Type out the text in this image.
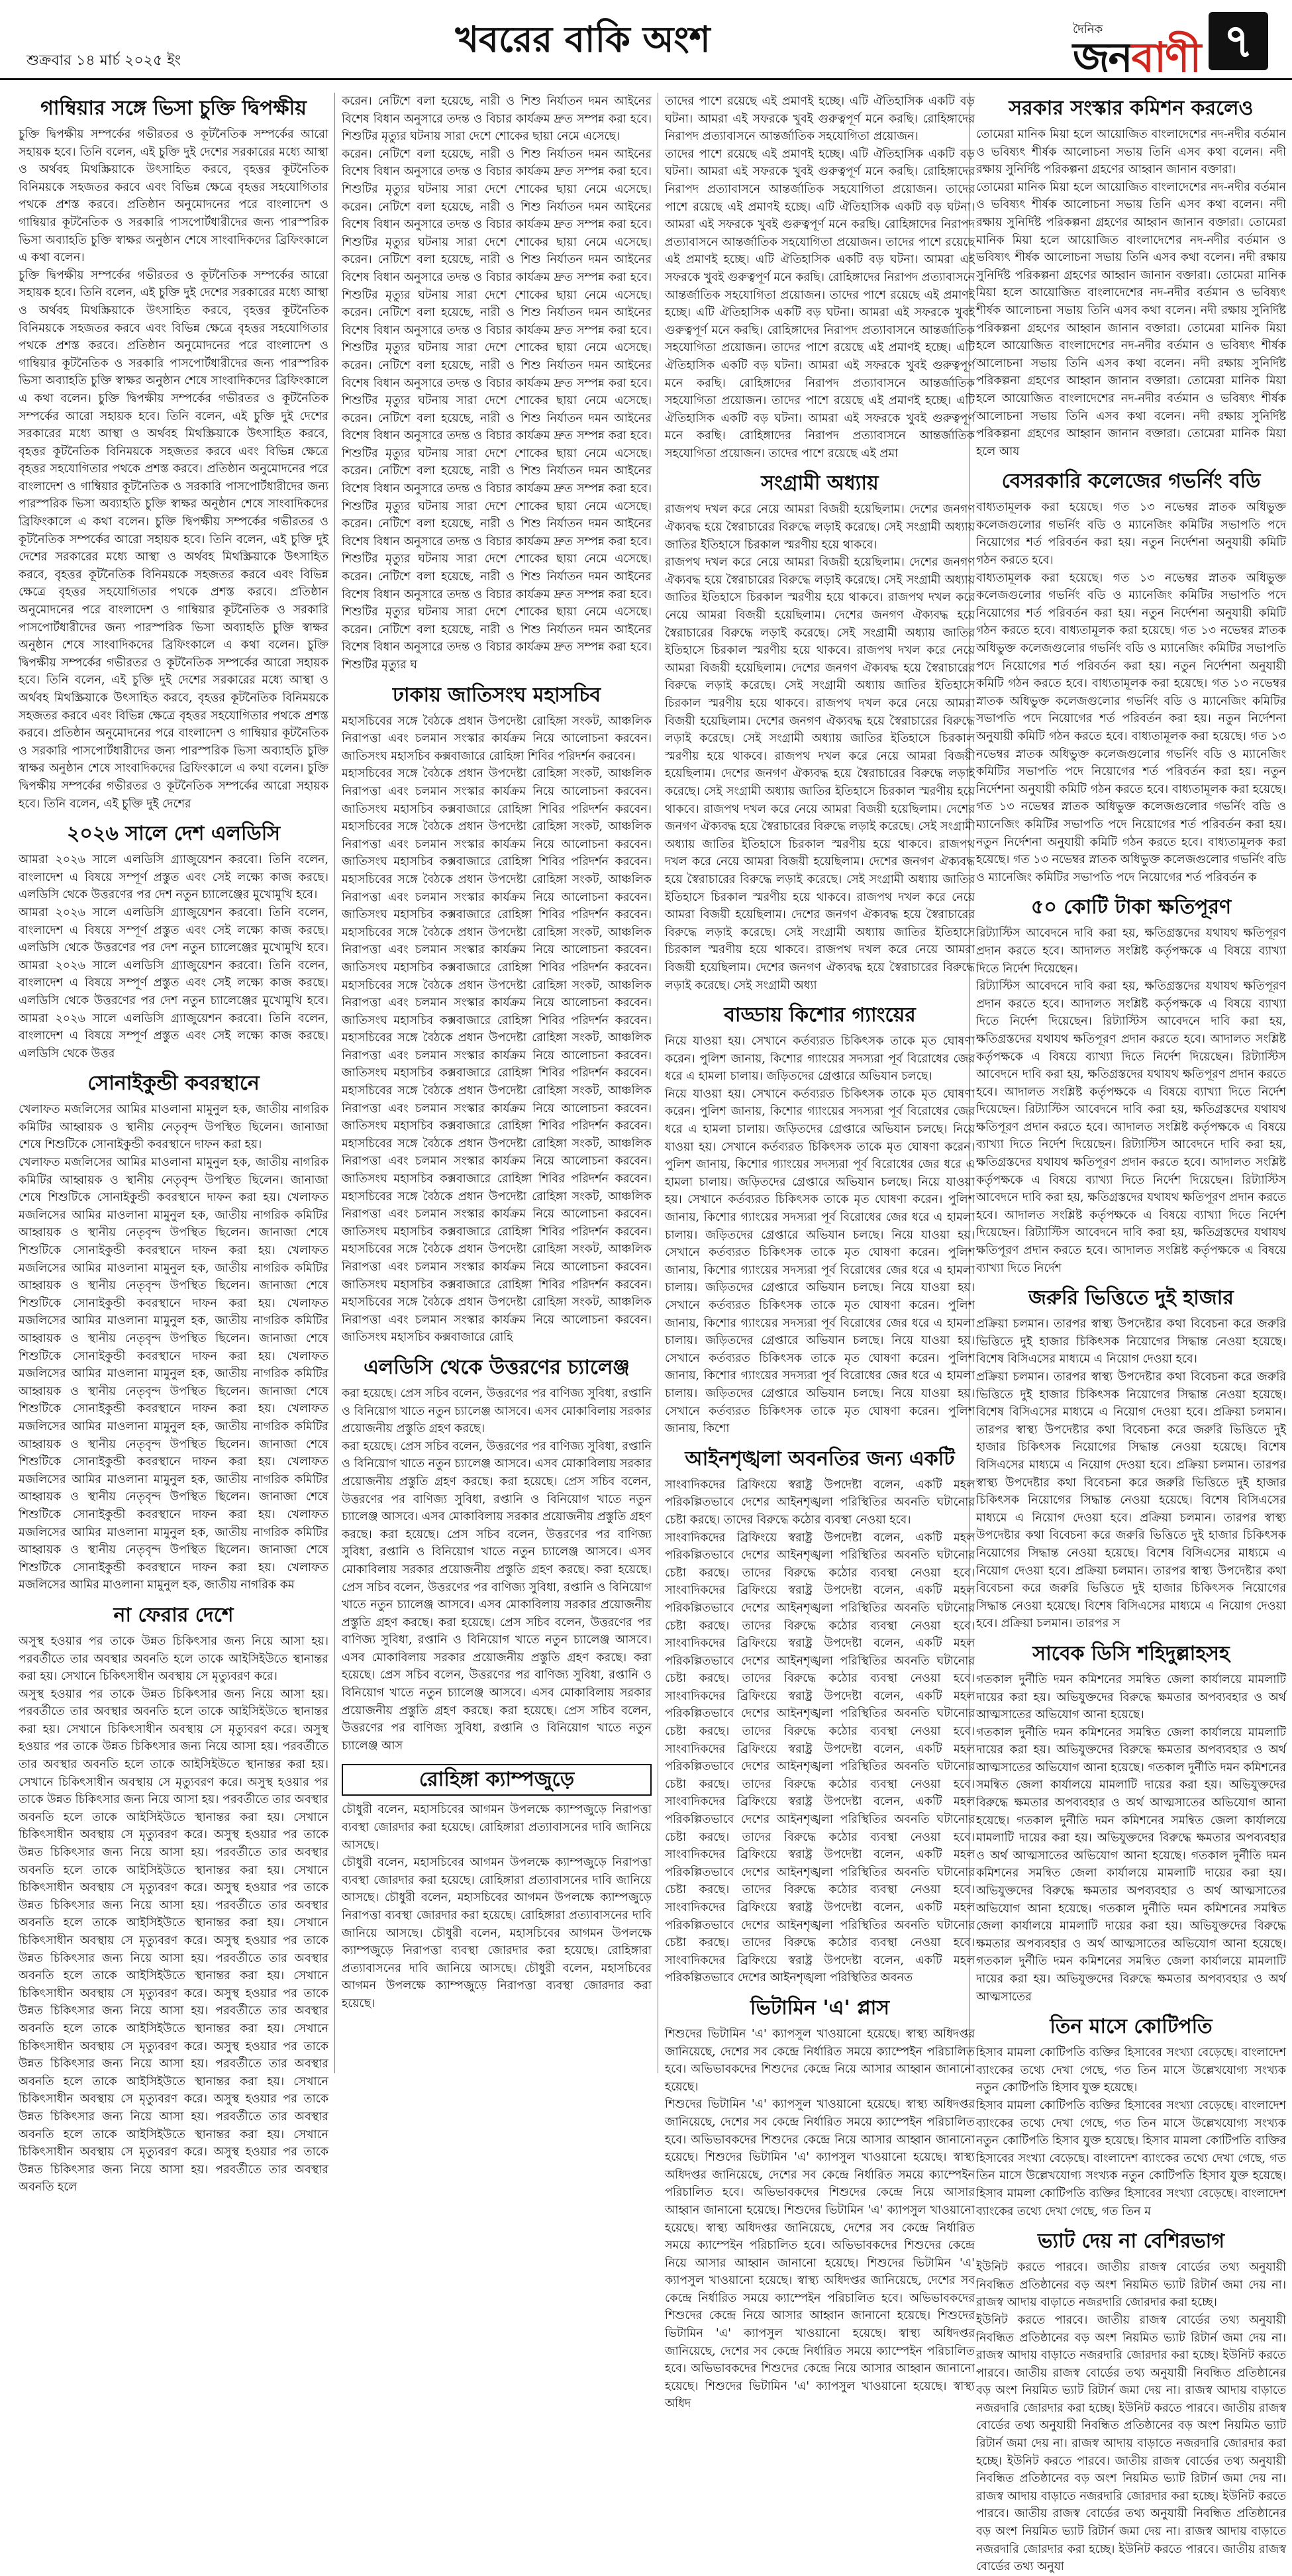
শুক্রবার ১৪ মার্চ ২০২৫ ইং
খবরের বাকি অংশ	দৈনিক
জনবাণী ৭
গাম্বিয়ার সঙ্গে ভিসা চুক্তি দ্বিপক্ষীয়
চুক্তি দ্বিপক্ষীয় সম্পর্কের গভীরতর ও কূটনৈতিক সম্পর্কের আরো সহায়ক হবে। তিনি বলেন, এই চুক্তি দুই দেশের সরকারের মধ্যে আস্থা ও অর্থবহ মিথস্ক্রিয়াকে উৎসাহিত করবে, বৃহত্তর কূটনৈতিক বিনিময়কে সহজতর করবে এবং বিভিন্ন ক্ষেত্রে বৃহত্তর সহযোগিতার পথকে প্রশস্ত করবে। প্রতিষ্ঠান অনুমোদনের পরে বাংলাদেশ ও গাম্বিয়ার কূটনৈতিক ও সরকারি পাসপোর্টধারীদের জন্য পারস্পরিক ভিসা অব্যাহতি চুক্তি স্বাক্ষর অনুষ্ঠান শেষে সাংবাদিকদের ব্রিফিংকালে এ কথা বলেন।
চুক্তি দ্বিপক্ষীয় সম্পর্কের গভীরতর ও কূটনৈতিক সম্পর্কের আরো সহায়ক হবে। তিনি বলেন, এই চুক্তি দুই দেশের সরকারের মধ্যে আস্থা ও অর্থবহ মিথস্ক্রিয়াকে উৎসাহিত করবে, বৃহত্তর কূটনৈতিক বিনিময়কে সহজতর করবে এবং বিভিন্ন ক্ষেত্রে বৃহত্তর সহযোগিতার পথকে প্রশস্ত করবে। প্রতিষ্ঠান অনুমোদনের পরে বাংলাদেশ ও গাম্বিয়ার কূটনৈতিক ও সরকারি পাসপোর্টধারীদের জন্য পারস্পরিক ভিসা অব্যাহতি চুক্তি স্বাক্ষর অনুষ্ঠান শেষে সাংবাদিকদের ব্রিফিংকালে এ কথা বলেন। চুক্তি দ্বিপক্ষীয় সম্পর্কের গভীরতর ও কূটনৈতিক সম্পর্কের আরো সহায়ক হবে। তিনি বলেন, এই চুক্তি দুই দেশের সরকারের মধ্যে আস্থা ও অর্থবহ মিথস্ক্রিয়াকে উৎসাহিত করবে, বৃহত্তর কূটনৈতিক বিনিময়কে সহজতর করবে এবং বিভিন্ন ক্ষেত্রে বৃহত্তর সহযোগিতার পথকে প্রশস্ত করবে। প্রতিষ্ঠান অনুমোদনের পরে বাংলাদেশ ও গাম্বিয়ার কূটনৈতিক ও সরকারি পাসপোর্টধারীদের জন্য পারস্পরিক ভিসা অব্যাহতি চুক্তি স্বাক্ষর অনুষ্ঠান শেষে সাংবাদিকদের ব্রিফিংকালে এ কথা বলেন। চুক্তি দ্বিপক্ষীয় সম্পর্কের গভীরতর ও কূটনৈতিক সম্পর্কের আরো সহায়ক হবে। তিনি বলেন, এই চুক্তি দুই দেশের সরকারের মধ্যে আস্থা ও অর্থবহ মিথস্ক্রিয়াকে উৎসাহিত করবে, বৃহত্তর কূটনৈতিক বিনিময়কে সহজতর করবে এবং বিভিন্ন ক্ষেত্রে বৃহত্তর সহযোগিতার পথকে প্রশস্ত করবে। প্রতিষ্ঠান অনুমোদনের পরে বাংলাদেশ ও গাম্বিয়ার কূটনৈতিক ও সরকারি পাসপোর্টধারীদের জন্য পারস্পরিক ভিসা অব্যাহতি চুক্তি স্বাক্ষর অনুষ্ঠান শেষে সাংবাদিকদের ব্রিফিংকালে এ কথা বলেন। চুক্তি দ্বিপক্ষীয় সম্পর্কের গভীরতর ও কূটনৈতিক সম্পর্কের আরো সহায়ক হবে। তিনি বলেন, এই চুক্তি দুই দেশের সরকারের মধ্যে আস্থা ও অর্থবহ মিথস্ক্রিয়াকে উৎসাহিত করবে, বৃহত্তর কূটনৈতিক বিনিময়কে সহজতর করবে এবং বিভিন্ন ক্ষেত্রে বৃহত্তর সহযোগিতার পথকে প্রশস্ত করবে। প্রতিষ্ঠান অনুমোদনের পরে বাংলাদেশ ও গাম্বিয়ার কূটনৈতিক ও সরকারি পাসপোর্টধারীদের জন্য পারস্পরিক ভিসা অব্যাহতি চুক্তি স্বাক্ষর অনুষ্ঠান শেষে সাংবাদিকদের ব্রিফিংকালে এ কথা বলেন। চুক্তি দ্বিপক্ষীয় সম্পর্কের গভীরতর ও কূটনৈতিক সম্পর্কের আরো সহায়ক হবে। তিনি বলেন, এই চুক্তি দুই দেশের
২০২৬ সালে দেশ এলডিসি
আমরা ২০২৬ সালে এলডিসি গ্র্যাজুয়েশন করবো। তিনি বলেন, বাংলাদেশ এ বিষয়ে সম্পূর্ণ প্রস্তুত এবং সেই লক্ষ্যে কাজ করছে। এলডিসি থেকে উত্তরণের পর দেশ নতুন চ্যালেঞ্জের মুখোমুখি হবে।
আমরা ২০২৬ সালে এলডিসি গ্র্যাজুয়েশন করবো। তিনি বলেন, বাংলাদেশ এ বিষয়ে সম্পূর্ণ প্রস্তুত এবং সেই লক্ষ্যে কাজ করছে। এলডিসি থেকে উত্তরণের পর দেশ নতুন চ্যালেঞ্জের মুখোমুখি হবে। আমরা ২০২৬ সালে এলডিসি গ্র্যাজুয়েশন করবো। তিনি বলেন, বাংলাদেশ এ বিষয়ে সম্পূর্ণ প্রস্তুত এবং সেই লক্ষ্যে কাজ করছে। এলডিসি থেকে উত্তরণের পর দেশ নতুন চ্যালেঞ্জের মুখোমুখি হবে। আমরা ২০২৬ সালে এলডিসি গ্র্যাজুয়েশন করবো। তিনি বলেন, বাংলাদেশ এ বিষয়ে সম্পূর্ণ প্রস্তুত এবং সেই লক্ষ্যে কাজ করছে। এলডিসি থেকে উত্তর
সোনাইকুন্ডী কবরস্থানে
খেলাফত মজলিসের আমির মাওলানা মামুনুল হক, জাতীয় নাগরিক কমিটির আহ্বায়ক ও স্থানীয় নেতৃবৃন্দ উপস্থিত ছিলেন। জানাজা শেষে শিশুটিকে সোনাইকুন্ডী কবরস্থানে দাফন করা হয়।
খেলাফত মজলিসের আমির মাওলানা মামুনুল হক, জাতীয় নাগরিক কমিটির আহ্বায়ক ও স্থানীয় নেতৃবৃন্দ উপস্থিত ছিলেন। জানাজা শেষে শিশুটিকে সোনাইকুন্ডী কবরস্থানে দাফন করা হয়। খেলাফত মজলিসের আমির মাওলানা মামুনুল হক, জাতীয় নাগরিক কমিটির আহ্বায়ক ও স্থানীয় নেতৃবৃন্দ উপস্থিত ছিলেন। জানাজা শেষে শিশুটিকে সোনাইকুন্ডী কবরস্থানে দাফন করা হয়। খেলাফত মজলিসের আমির মাওলানা মামুনুল হক, জাতীয় নাগরিক কমিটির আহ্বায়ক ও স্থানীয় নেতৃবৃন্দ উপস্থিত ছিলেন। জানাজা শেষে শিশুটিকে সোনাইকুন্ডী কবরস্থানে দাফন করা হয়। খেলাফত মজলিসের আমির মাওলানা মামুনুল হক, জাতীয় নাগরিক কমিটির আহ্বায়ক ও স্থানীয় নেতৃবৃন্দ উপস্থিত ছিলেন। জানাজা শেষে শিশুটিকে সোনাইকুন্ডী কবরস্থানে দাফন করা হয়। খেলাফত মজলিসের আমির মাওলানা মামুনুল হক, জাতীয় নাগরিক কমিটির আহ্বায়ক ও স্থানীয় নেতৃবৃন্দ উপস্থিত ছিলেন। জানাজা শেষে শিশুটিকে সোনাইকুন্ডী কবরস্থানে দাফন করা হয়। খেলাফত মজলিসের আমির মাওলানা মামুনুল হক, জাতীয় নাগরিক কমিটির আহ্বায়ক ও স্থানীয় নেতৃবৃন্দ উপস্থিত ছিলেন। জানাজা শেষে শিশুটিকে সোনাইকুন্ডী কবরস্থানে দাফন করা হয়। খেলাফত মজলিসের আমির মাওলানা মামুনুল হক, জাতীয় নাগরিক কমিটির আহ্বায়ক ও স্থানীয় নেতৃবৃন্দ উপস্থিত ছিলেন। জানাজা শেষে শিশুটিকে সোনাইকুন্ডী কবরস্থানে দাফন করা হয়। খেলাফত মজলিসের আমির মাওলানা মামুনুল হক, জাতীয় নাগরিক কমিটির আহ্বায়ক ও স্থানীয় নেতৃবৃন্দ উপস্থিত ছিলেন। জানাজা শেষে শিশুটিকে সোনাইকুন্ডী কবরস্থানে দাফন করা হয়। খেলাফত মজলিসের আমির মাওলানা মামুনুল হক, জাতীয় নাগরিক কম
না ফেরার দেশে
অসুস্থ হওয়ার পর তাকে উন্নত চিকিৎসার জন্য নিয়ে আসা হয়। পরবর্তীতে তার অবস্থার অবনতি হলে তাকে আইসিইউতে স্থানান্তর করা হয়। সেখানে চিকিৎসাধীন অবস্থায় সে মৃত্যুবরণ করে।
অসুস্থ হওয়ার পর তাকে উন্নত চিকিৎসার জন্য নিয়ে আসা হয়। পরবর্তীতে তার অবস্থার অবনতি হলে তাকে আইসিইউতে স্থানান্তর করা হয়। সেখানে চিকিৎসাধীন অবস্থায় সে মৃত্যুবরণ করে। অসুস্থ হওয়ার পর তাকে উন্নত চিকিৎসার জন্য নিয়ে আসা হয়। পরবর্তীতে তার অবস্থার অবনতি হলে তাকে আইসিইউতে স্থানান্তর করা হয়। সেখানে চিকিৎসাধীন অবস্থায় সে মৃত্যুবরণ করে। অসুস্থ হওয়ার পর তাকে উন্নত চিকিৎসার জন্য নিয়ে আসা হয়। পরবর্তীতে তার অবস্থার অবনতি হলে তাকে আইসিইউতে স্থানান্তর করা হয়। সেখানে চিকিৎসাধীন অবস্থায় সে মৃত্যুবরণ করে। অসুস্থ হওয়ার পর তাকে উন্নত চিকিৎসার জন্য নিয়ে আসা হয়। পরবর্তীতে তার অবস্থার অবনতি হলে তাকে আইসিইউতে স্থানান্তর করা হয়। সেখানে চিকিৎসাধীন অবস্থায় সে মৃত্যুবরণ করে। অসুস্থ হওয়ার পর তাকে উন্নত চিকিৎসার জন্য নিয়ে আসা হয়। পরবর্তীতে তার অবস্থার অবনতি হলে তাকে আইসিইউতে স্থানান্তর করা হয়। সেখানে চিকিৎসাধীন অবস্থায় সে মৃত্যুবরণ করে। অসুস্থ হওয়ার পর তাকে উন্নত চিকিৎসার জন্য নিয়ে আসা হয়। পরবর্তীতে তার অবস্থার অবনতি হলে তাকে আইসিইউতে স্থানান্তর করা হয়। সেখানে চিকিৎসাধীন অবস্থায় সে মৃত্যুবরণ করে। অসুস্থ হওয়ার পর তাকে উন্নত চিকিৎসার জন্য নিয়ে আসা হয়। পরবর্তীতে তার অবস্থার অবনতি হলে তাকে আইসিইউতে স্থানান্তর করা হয়। সেখানে চিকিৎসাধীন অবস্থায় সে মৃত্যুবরণ করে। অসুস্থ হওয়ার পর তাকে উন্নত চিকিৎসার জন্য নিয়ে আসা হয়। পরবর্তীতে তার অবস্থার অবনতি হলে তাকে আইসিইউতে স্থানান্তর করা হয়। সেখানে চিকিৎসাধীন অবস্থায় সে মৃত্যুবরণ করে। অসুস্থ হওয়ার পর তাকে উন্নত চিকিৎসার জন্য নিয়ে আসা হয়। পরবর্তীতে তার অবস্থার অবনতি হলে তাকে আইসিইউতে স্থানান্তর করা হয়। সেখানে চিকিৎসাধীন অবস্থায় সে মৃত্যুবরণ করে। অসুস্থ হওয়ার পর তাকে উন্নত চিকিৎসার জন্য নিয়ে আসা হয়। পরবর্তীতে তার অবস্থার অবনতি হলে
করেন। নেটিশে বলা হয়েছে, নারী ও শিশু নির্যাতন দমন আইনের বিশেষ বিধান অনুসারে তদন্ত ও বিচার কার্যক্রম দ্রুত সম্পন্ন করা হবে। শিশুটির মৃত্যুর ঘটনায় সারা দেশে শোকের ছায়া নেমে এসেছে।
করেন। নেটিশে বলা হয়েছে, নারী ও শিশু নির্যাতন দমন আইনের বিশেষ বিধান অনুসারে তদন্ত ও বিচার কার্যক্রম দ্রুত সম্পন্ন করা হবে। শিশুটির মৃত্যুর ঘটনায় সারা দেশে শোকের ছায়া নেমে এসেছে। করেন। নেটিশে বলা হয়েছে, নারী ও শিশু নির্যাতন দমন আইনের বিশেষ বিধান অনুসারে তদন্ত ও বিচার কার্যক্রম দ্রুত সম্পন্ন করা হবে। শিশুটির মৃত্যুর ঘটনায় সারা দেশে শোকের ছায়া নেমে এসেছে। করেন। নেটিশে বলা হয়েছে, নারী ও শিশু নির্যাতন দমন আইনের বিশেষ বিধান অনুসারে তদন্ত ও বিচার কার্যক্রম দ্রুত সম্পন্ন করা হবে। শিশুটির মৃত্যুর ঘটনায় সারা দেশে শোকের ছায়া নেমে এসেছে। করেন। নেটিশে বলা হয়েছে, নারী ও শিশু নির্যাতন দমন আইনের বিশেষ বিধান অনুসারে তদন্ত ও বিচার কার্যক্রম দ্রুত সম্পন্ন করা হবে। শিশুটির মৃত্যুর ঘটনায় সারা দেশে শোকের ছায়া নেমে এসেছে। করেন। নেটিশে বলা হয়েছে, নারী ও শিশু নির্যাতন দমন আইনের বিশেষ বিধান অনুসারে তদন্ত ও বিচার কার্যক্রম দ্রুত সম্পন্ন করা হবে। শিশুটির মৃত্যুর ঘটনায় সারা দেশে শোকের ছায়া নেমে এসেছে। করেন। নেটিশে বলা হয়েছে, নারী ও শিশু নির্যাতন দমন আইনের বিশেষ বিধান অনুসারে তদন্ত ও বিচার কার্যক্রম দ্রুত সম্পন্ন করা হবে। শিশুটির মৃত্যুর ঘটনায় সারা দেশে শোকের ছায়া নেমে এসেছে। করেন। নেটিশে বলা হয়েছে, নারী ও শিশু নির্যাতন দমন আইনের বিশেষ বিধান অনুসারে তদন্ত ও বিচার কার্যক্রম দ্রুত সম্পন্ন করা হবে। শিশুটির মৃত্যুর ঘটনায় সারা দেশে শোকের ছায়া নেমে এসেছে। করেন। নেটিশে বলা হয়েছে, নারী ও শিশু নির্যাতন দমন আইনের বিশেষ বিধান অনুসারে তদন্ত ও বিচার কার্যক্রম দ্রুত সম্পন্ন করা হবে। শিশুটির মৃত্যুর ঘটনায় সারা দেশে শোকের ছায়া নেমে এসেছে। করেন। নেটিশে বলা হয়েছে, নারী ও শিশু নির্যাতন দমন আইনের বিশেষ বিধান অনুসারে তদন্ত ও বিচার কার্যক্রম দ্রুত সম্পন্ন করা হবে। শিশুটির মৃত্যুর ঘটনায় সারা দেশে শোকের ছায়া নেমে এসেছে। করেন। নেটিশে বলা হয়েছে, নারী ও শিশু নির্যাতন দমন আইনের বিশেষ বিধান অনুসারে তদন্ত ও বিচার কার্যক্রম দ্রুত সম্পন্ন করা হবে। শিশুটির মৃত্যুর ঘ
ঢাকায় জাতিসংঘ মহাসচিব
মহাসচিবের সঙ্গে বৈঠকে প্রধান উপদেষ্টা রোহিঙ্গা সংকট, আঞ্চলিক নিরাপত্তা এবং চলমান সংস্কার কার্যক্রম নিয়ে আলোচনা করবেন। জাতিসংঘ মহাসচিব কক্সবাজারে রোহিঙ্গা শিবির পরিদর্শন করবেন।
মহাসচিবের সঙ্গে বৈঠকে প্রধান উপদেষ্টা রোহিঙ্গা সংকট, আঞ্চলিক নিরাপত্তা এবং চলমান সংস্কার কার্যক্রম নিয়ে আলোচনা করবেন। জাতিসংঘ মহাসচিব কক্সবাজারে রোহিঙ্গা শিবির পরিদর্শন করবেন। মহাসচিবের সঙ্গে বৈঠকে প্রধান উপদেষ্টা রোহিঙ্গা সংকট, আঞ্চলিক নিরাপত্তা এবং চলমান সংস্কার কার্যক্রম নিয়ে আলোচনা করবেন। জাতিসংঘ মহাসচিব কক্সবাজারে রোহিঙ্গা শিবির পরিদর্শন করবেন। মহাসচিবের সঙ্গে বৈঠকে প্রধান উপদেষ্টা রোহিঙ্গা সংকট, আঞ্চলিক নিরাপত্তা এবং চলমান সংস্কার কার্যক্রম নিয়ে আলোচনা করবেন। জাতিসংঘ মহাসচিব কক্সবাজারে রোহিঙ্গা শিবির পরিদর্শন করবেন। মহাসচিবের সঙ্গে বৈঠকে প্রধান উপদেষ্টা রোহিঙ্গা সংকট, আঞ্চলিক নিরাপত্তা এবং চলমান সংস্কার কার্যক্রম নিয়ে আলোচনা করবেন। জাতিসংঘ মহাসচিব কক্সবাজারে রোহিঙ্গা শিবির পরিদর্শন করবেন। মহাসচিবের সঙ্গে বৈঠকে প্রধান উপদেষ্টা রোহিঙ্গা সংকট, আঞ্চলিক নিরাপত্তা এবং চলমান সংস্কার কার্যক্রম নিয়ে আলোচনা করবেন। জাতিসংঘ মহাসচিব কক্সবাজারে রোহিঙ্গা শিবির পরিদর্শন করবেন। মহাসচিবের সঙ্গে বৈঠকে প্রধান উপদেষ্টা রোহিঙ্গা সংকট, আঞ্চলিক নিরাপত্তা এবং চলমান সংস্কার কার্যক্রম নিয়ে আলোচনা করবেন। জাতিসংঘ মহাসচিব কক্সবাজারে রোহিঙ্গা শিবির পরিদর্শন করবেন। মহাসচিবের সঙ্গে বৈঠকে প্রধান উপদেষ্টা রোহিঙ্গা সংকট, আঞ্চলিক নিরাপত্তা এবং চলমান সংস্কার কার্যক্রম নিয়ে আলোচনা করবেন। জাতিসংঘ মহাসচিব কক্সবাজারে রোহিঙ্গা শিবির পরিদর্শন করবেন। মহাসচিবের সঙ্গে বৈঠকে প্রধান উপদেষ্টা রোহিঙ্গা সংকট, আঞ্চলিক নিরাপত্তা এবং চলমান সংস্কার কার্যক্রম নিয়ে আলোচনা করবেন। জাতিসংঘ মহাসচিব কক্সবাজারে রোহিঙ্গা শিবির পরিদর্শন করবেন। মহাসচিবের সঙ্গে বৈঠকে প্রধান উপদেষ্টা রোহিঙ্গা সংকট, আঞ্চলিক নিরাপত্তা এবং চলমান সংস্কার কার্যক্রম নিয়ে আলোচনা করবেন। জাতিসংঘ মহাসচিব কক্সবাজারে রোহিঙ্গা শিবির পরিদর্শন করবেন। মহাসচিবের সঙ্গে বৈঠকে প্রধান উপদেষ্টা রোহিঙ্গা সংকট, আঞ্চলিক নিরাপত্তা এবং চলমান সংস্কার কার্যক্রম নিয়ে আলোচনা করবেন। জাতিসংঘ মহাসচিব কক্সবাজারে রোহিঙ্গা শিবির পরিদর্শন করবেন। মহাসচিবের সঙ্গে বৈঠকে প্রধান উপদেষ্টা রোহিঙ্গা সংকট, আঞ্চলিক নিরাপত্তা এবং চলমান সংস্কার কার্যক্রম নিয়ে আলোচনা করবেন। জাতিসংঘ মহাসচিব কক্সবাজারে রোহি
এলডিসি থেকে উত্তরণের চ্যালেঞ্জ
করা হয়েছে। প্রেস সচিব বলেন, উত্তরণের পর বাণিজ্য সুবিধা, রপ্তানি ও বিনিয়োগ খাতে নতুন চ্যালেঞ্জ আসবে। এসব মোকাবিলায় সরকার প্রয়োজনীয় প্রস্তুতি গ্রহণ করছে।
করা হয়েছে। প্রেস সচিব বলেন, উত্তরণের পর বাণিজ্য সুবিধা, রপ্তানি ও বিনিয়োগ খাতে নতুন চ্যালেঞ্জ আসবে। এসব মোকাবিলায় সরকার প্রয়োজনীয় প্রস্তুতি গ্রহণ করছে। করা হয়েছে। প্রেস সচিব বলেন, উত্তরণের পর বাণিজ্য সুবিধা, রপ্তানি ও বিনিয়োগ খাতে নতুন চ্যালেঞ্জ আসবে। এসব মোকাবিলায় সরকার প্রয়োজনীয় প্রস্তুতি গ্রহণ করছে। করা হয়েছে। প্রেস সচিব বলেন, উত্তরণের পর বাণিজ্য সুবিধা, রপ্তানি ও বিনিয়োগ খাতে নতুন চ্যালেঞ্জ আসবে। এসব মোকাবিলায় সরকার প্রয়োজনীয় প্রস্তুতি গ্রহণ করছে। করা হয়েছে। প্রেস সচিব বলেন, উত্তরণের পর বাণিজ্য সুবিধা, রপ্তানি ও বিনিয়োগ খাতে নতুন চ্যালেঞ্জ আসবে। এসব মোকাবিলায় সরকার প্রয়োজনীয় প্রস্তুতি গ্রহণ করছে। করা হয়েছে। প্রেস সচিব বলেন, উত্তরণের পর বাণিজ্য সুবিধা, রপ্তানি ও বিনিয়োগ খাতে নতুন চ্যালেঞ্জ আসবে। এসব মোকাবিলায় সরকার প্রয়োজনীয় প্রস্তুতি গ্রহণ করছে। করা হয়েছে। প্রেস সচিব বলেন, উত্তরণের পর বাণিজ্য সুবিধা, রপ্তানি ও বিনিয়োগ খাতে নতুন চ্যালেঞ্জ আসবে। এসব মোকাবিলায় সরকার প্রয়োজনীয় প্রস্তুতি গ্রহণ করছে। করা হয়েছে। প্রেস সচিব বলেন, উত্তরণের পর বাণিজ্য সুবিধা, রপ্তানি ও বিনিয়োগ খাতে নতুন চ্যালেঞ্জ আস
রোহিঙ্গা ক্যাম্পজুড়ে
চৌধুরী বলেন, মহাসচিবের আগমন উপলক্ষে ক্যাম্পজুড়ে নিরাপত্তা ব্যবস্থা জোরদার করা হয়েছে। রোহিঙ্গারা প্রত্যাবাসনের দাবি জানিয়ে আসছে।
চৌধুরী বলেন, মহাসচিবের আগমন উপলক্ষে ক্যাম্পজুড়ে নিরাপত্তা ব্যবস্থা জোরদার করা হয়েছে। রোহিঙ্গারা প্রত্যাবাসনের দাবি জানিয়ে আসছে। চৌধুরী বলেন, মহাসচিবের আগমন উপলক্ষে ক্যাম্পজুড়ে নিরাপত্তা ব্যবস্থা জোরদার করা হয়েছে। রোহিঙ্গারা প্রত্যাবাসনের দাবি জানিয়ে আসছে। চৌধুরী বলেন, মহাসচিবের আগমন উপলক্ষে ক্যাম্পজুড়ে নিরাপত্তা ব্যবস্থা জোরদার করা হয়েছে। রোহিঙ্গারা প্রত্যাবাসনের দাবি জানিয়ে আসছে। চৌধুরী বলেন, মহাসচিবের আগমন উপলক্ষে ক্যাম্পজুড়ে নিরাপত্তা ব্যবস্থা জোরদার করা হয়েছে।
তাদের পাশে রয়েছে এই প্রমাণই হচ্ছে। এটি ঐতিহাসিক একটি বড় ঘটনা। আমরা এই সফরকে খুবই গুরুত্বপূর্ণ মনে করছি। রোহিঙ্গাদের নিরাপদ প্রত্যাবাসনে আন্তর্জাতিক সহযোগিতা প্রয়োজন।
তাদের পাশে রয়েছে এই প্রমাণই হচ্ছে। এটি ঐতিহাসিক একটি বড় ঘটনা। আমরা এই সফরকে খুবই গুরুত্বপূর্ণ মনে করছি। রোহিঙ্গাদের নিরাপদ প্রত্যাবাসনে আন্তর্জাতিক সহযোগিতা প্রয়োজন। তাদের পাশে রয়েছে এই প্রমাণই হচ্ছে। এটি ঐতিহাসিক একটি বড় ঘটনা। আমরা এই সফরকে খুবই গুরুত্বপূর্ণ মনে করছি। রোহিঙ্গাদের নিরাপদ প্রত্যাবাসনে আন্তর্জাতিক সহযোগিতা প্রয়োজন। তাদের পাশে রয়েছে এই প্রমাণই হচ্ছে। এটি ঐতিহাসিক একটি বড় ঘটনা। আমরা এই সফরকে খুবই গুরুত্বপূর্ণ মনে করছি। রোহিঙ্গাদের নিরাপদ প্রত্যাবাসনে আন্তর্জাতিক সহযোগিতা প্রয়োজন। তাদের পাশে রয়েছে এই প্রমাণই হচ্ছে। এটি ঐতিহাসিক একটি বড় ঘটনা। আমরা এই সফরকে খুবই গুরুত্বপূর্ণ মনে করছি। রোহিঙ্গাদের নিরাপদ প্রত্যাবাসনে আন্তর্জাতিক সহযোগিতা প্রয়োজন। তাদের পাশে রয়েছে এই প্রমাণই হচ্ছে। এটি ঐতিহাসিক একটি বড় ঘটনা। আমরা এই সফরকে খুবই গুরুত্বপূর্ণ মনে করছি। রোহিঙ্গাদের নিরাপদ প্রত্যাবাসনে আন্তর্জাতিক সহযোগিতা প্রয়োজন। তাদের পাশে রয়েছে এই প্রমাণই হচ্ছে। এটি ঐতিহাসিক একটি বড় ঘটনা। আমরা এই সফরকে খুবই গুরুত্বপূর্ণ মনে করছি। রোহিঙ্গাদের নিরাপদ প্রত্যাবাসনে আন্তর্জাতিক সহযোগিতা প্রয়োজন। তাদের পাশে রয়েছে এই প্রমা
সংগ্রামী অধ্যায়
রাজপথ দখল করে নেয়ে আমরা বিজয়ী হয়েছিলাম। দেশের জনগণ ঐক্যবদ্ধ হয়ে স্বৈরাচারের বিরুদ্ধে লড়াই করেছে। সেই সংগ্রামী অধ্যায় জাতির ইতিহাসে চিরকাল স্মরণীয় হয়ে থাকবে।
রাজপথ দখল করে নেয়ে আমরা বিজয়ী হয়েছিলাম। দেশের জনগণ ঐক্যবদ্ধ হয়ে স্বৈরাচারের বিরুদ্ধে লড়াই করেছে। সেই সংগ্রামী অধ্যায় জাতির ইতিহাসে চিরকাল স্মরণীয় হয়ে থাকবে। রাজপথ দখল করে নেয়ে আমরা বিজয়ী হয়েছিলাম। দেশের জনগণ ঐক্যবদ্ধ হয়ে স্বৈরাচারের বিরুদ্ধে লড়াই করেছে। সেই সংগ্রামী অধ্যায় জাতির ইতিহাসে চিরকাল স্মরণীয় হয়ে থাকবে। রাজপথ দখল করে নেয়ে আমরা বিজয়ী হয়েছিলাম। দেশের জনগণ ঐক্যবদ্ধ হয়ে স্বৈরাচারের বিরুদ্ধে লড়াই করেছে। সেই সংগ্রামী অধ্যায় জাতির ইতিহাসে চিরকাল স্মরণীয় হয়ে থাকবে। রাজপথ দখল করে নেয়ে আমরা বিজয়ী হয়েছিলাম। দেশের জনগণ ঐক্যবদ্ধ হয়ে স্বৈরাচারের বিরুদ্ধে লড়াই করেছে। সেই সংগ্রামী অধ্যায় জাতির ইতিহাসে চিরকাল স্মরণীয় হয়ে থাকবে। রাজপথ দখল করে নেয়ে আমরা বিজয়ী হয়েছিলাম। দেশের জনগণ ঐক্যবদ্ধ হয়ে স্বৈরাচারের বিরুদ্ধে লড়াই করেছে। সেই সংগ্রামী অধ্যায় জাতির ইতিহাসে চিরকাল স্মরণীয় হয়ে থাকবে। রাজপথ দখল করে নেয়ে আমরা বিজয়ী হয়েছিলাম। দেশের জনগণ ঐক্যবদ্ধ হয়ে স্বৈরাচারের বিরুদ্ধে লড়াই করেছে। সেই সংগ্রামী অধ্যায় জাতির ইতিহাসে চিরকাল স্মরণীয় হয়ে থাকবে। রাজপথ দখল করে নেয়ে আমরা বিজয়ী হয়েছিলাম। দেশের জনগণ ঐক্যবদ্ধ হয়ে স্বৈরাচারের বিরুদ্ধে লড়াই করেছে। সেই সংগ্রামী অধ্যায় জাতির ইতিহাসে চিরকাল স্মরণীয় হয়ে থাকবে। রাজপথ দখল করে নেয়ে আমরা বিজয়ী হয়েছিলাম। দেশের জনগণ ঐক্যবদ্ধ হয়ে স্বৈরাচারের বিরুদ্ধে লড়াই করেছে। সেই সংগ্রামী অধ্যায় জাতির ইতিহাসে চিরকাল স্মরণীয় হয়ে থাকবে। রাজপথ দখল করে নেয়ে আমরা বিজয়ী হয়েছিলাম। দেশের জনগণ ঐক্যবদ্ধ হয়ে স্বৈরাচারের বিরুদ্ধে লড়াই করেছে। সেই সংগ্রামী অধ্যা
বাড্ডায় কিশোর গ্যাংয়ের
নিয়ে যাওয়া হয়। সেখানে কর্তব্যরত চিকিৎসক তাকে মৃত ঘোষণা করেন। পুলিশ জানায়, কিশোর গ্যাংয়ের সদস্যরা পূর্ব বিরোধের জের ধরে এ হামলা চালায়। জড়িতদের গ্রেপ্তারে অভিযান চলছে।
নিয়ে যাওয়া হয়। সেখানে কর্তব্যরত চিকিৎসক তাকে মৃত ঘোষণা করেন। পুলিশ জানায়, কিশোর গ্যাংয়ের সদস্যরা পূর্ব বিরোধের জের ধরে এ হামলা চালায়। জড়িতদের গ্রেপ্তারে অভিযান চলছে। নিয়ে যাওয়া হয়। সেখানে কর্তব্যরত চিকিৎসক তাকে মৃত ঘোষণা করেন। পুলিশ জানায়, কিশোর গ্যাংয়ের সদস্যরা পূর্ব বিরোধের জের ধরে এ হামলা চালায়। জড়িতদের গ্রেপ্তারে অভিযান চলছে। নিয়ে যাওয়া হয়। সেখানে কর্তব্যরত চিকিৎসক তাকে মৃত ঘোষণা করেন। পুলিশ জানায়, কিশোর গ্যাংয়ের সদস্যরা পূর্ব বিরোধের জের ধরে এ হামলা চালায়। জড়িতদের গ্রেপ্তারে অভিযান চলছে। নিয়ে যাওয়া হয়। সেখানে কর্তব্যরত চিকিৎসক তাকে মৃত ঘোষণা করেন। পুলিশ জানায়, কিশোর গ্যাংয়ের সদস্যরা পূর্ব বিরোধের জের ধরে এ হামলা চালায়। জড়িতদের গ্রেপ্তারে অভিযান চলছে। নিয়ে যাওয়া হয়। সেখানে কর্তব্যরত চিকিৎসক তাকে মৃত ঘোষণা করেন। পুলিশ জানায়, কিশোর গ্যাংয়ের সদস্যরা পূর্ব বিরোধের জের ধরে এ হামলা চালায়। জড়িতদের গ্রেপ্তারে অভিযান চলছে। নিয়ে যাওয়া হয়। সেখানে কর্তব্যরত চিকিৎসক তাকে মৃত ঘোষণা করেন। পুলিশ জানায়, কিশোর গ্যাংয়ের সদস্যরা পূর্ব বিরোধের জের ধরে এ হামলা চালায়। জড়িতদের গ্রেপ্তারে অভিযান চলছে। নিয়ে যাওয়া হয়। সেখানে কর্তব্যরত চিকিৎসক তাকে মৃত ঘোষণা করেন। পুলিশ জানায়, কিশো
আইনশৃঙ্খলা অবনতির জন্য একটি
সাংবাদিকদের ব্রিফিংয়ে স্বরাষ্ট্র উপদেষ্টা বলেন, একটি মহল পরিকল্পিতভাবে দেশের আইনশৃঙ্খলা পরিস্থিতির অবনতি ঘটানোর চেষ্টা করছে। তাদের বিরুদ্ধে কঠোর ব্যবস্থা নেওয়া হবে।
সাংবাদিকদের ব্রিফিংয়ে স্বরাষ্ট্র উপদেষ্টা বলেন, একটি মহল পরিকল্পিতভাবে দেশের আইনশৃঙ্খলা পরিস্থিতির অবনতি ঘটানোর চেষ্টা করছে। তাদের বিরুদ্ধে কঠোর ব্যবস্থা নেওয়া হবে। সাংবাদিকদের ব্রিফিংয়ে স্বরাষ্ট্র উপদেষ্টা বলেন, একটি মহল পরিকল্পিতভাবে দেশের আইনশৃঙ্খলা পরিস্থিতির অবনতি ঘটানোর চেষ্টা করছে। তাদের বিরুদ্ধে কঠোর ব্যবস্থা নেওয়া হবে। সাংবাদিকদের ব্রিফিংয়ে স্বরাষ্ট্র উপদেষ্টা বলেন, একটি মহল পরিকল্পিতভাবে দেশের আইনশৃঙ্খলা পরিস্থিতির অবনতি ঘটানোর চেষ্টা করছে। তাদের বিরুদ্ধে কঠোর ব্যবস্থা নেওয়া হবে। সাংবাদিকদের ব্রিফিংয়ে স্বরাষ্ট্র উপদেষ্টা বলেন, একটি মহল পরিকল্পিতভাবে দেশের আইনশৃঙ্খলা পরিস্থিতির অবনতি ঘটানোর চেষ্টা করছে। তাদের বিরুদ্ধে কঠোর ব্যবস্থা নেওয়া হবে। সাংবাদিকদের ব্রিফিংয়ে স্বরাষ্ট্র উপদেষ্টা বলেন, একটি মহল পরিকল্পিতভাবে দেশের আইনশৃঙ্খলা পরিস্থিতির অবনতি ঘটানোর চেষ্টা করছে। তাদের বিরুদ্ধে কঠোর ব্যবস্থা নেওয়া হবে। সাংবাদিকদের ব্রিফিংয়ে স্বরাষ্ট্র উপদেষ্টা বলেন, একটি মহল পরিকল্পিতভাবে দেশের আইনশৃঙ্খলা পরিস্থিতির অবনতি ঘটানোর চেষ্টা করছে। তাদের বিরুদ্ধে কঠোর ব্যবস্থা নেওয়া হবে। সাংবাদিকদের ব্রিফিংয়ে স্বরাষ্ট্র উপদেষ্টা বলেন, একটি মহল পরিকল্পিতভাবে দেশের আইনশৃঙ্খলা পরিস্থিতির অবনতি ঘটানোর চেষ্টা করছে। তাদের বিরুদ্ধে কঠোর ব্যবস্থা নেওয়া হবে। সাংবাদিকদের ব্রিফিংয়ে স্বরাষ্ট্র উপদেষ্টা বলেন, একটি মহল পরিকল্পিতভাবে দেশের আইনশৃঙ্খলা পরিস্থিতির অবনতি ঘটানোর চেষ্টা করছে। তাদের বিরুদ্ধে কঠোর ব্যবস্থা নেওয়া হবে। সাংবাদিকদের ব্রিফিংয়ে স্বরাষ্ট্র উপদেষ্টা বলেন, একটি মহল পরিকল্পিতভাবে দেশের আইনশৃঙ্খলা পরিস্থিতির অবনত
ভিটামিন 'এ' প্লাস
শিশুদের ভিটামিন 'এ' ক্যাপসুল খাওয়ানো হয়েছে। স্বাস্থ্য অধিদপ্তর জানিয়েছে, দেশের সব কেন্দ্রে নির্ধারিত সময়ে ক্যাম্পেইন পরিচালিত হবে। অভিভাবকদের শিশুদের কেন্দ্রে নিয়ে আসার আহ্বান জানানো হয়েছে।
শিশুদের ভিটামিন 'এ' ক্যাপসুল খাওয়ানো হয়েছে। স্বাস্থ্য অধিদপ্তর জানিয়েছে, দেশের সব কেন্দ্রে নির্ধারিত সময়ে ক্যাম্পেইন পরিচালিত হবে। অভিভাবকদের শিশুদের কেন্দ্রে নিয়ে আসার আহ্বান জানানো হয়েছে। শিশুদের ভিটামিন 'এ' ক্যাপসুল খাওয়ানো হয়েছে। স্বাস্থ্য অধিদপ্তর জানিয়েছে, দেশের সব কেন্দ্রে নির্ধারিত সময়ে ক্যাম্পেইন পরিচালিত হবে। অভিভাবকদের শিশুদের কেন্দ্রে নিয়ে আসার আহ্বান জানানো হয়েছে। শিশুদের ভিটামিন 'এ' ক্যাপসুল খাওয়ানো হয়েছে। স্বাস্থ্য অধিদপ্তর জানিয়েছে, দেশের সব কেন্দ্রে নির্ধারিত সময়ে ক্যাম্পেইন পরিচালিত হবে। অভিভাবকদের শিশুদের কেন্দ্রে নিয়ে আসার আহ্বান জানানো হয়েছে। শিশুদের ভিটামিন 'এ' ক্যাপসুল খাওয়ানো হয়েছে। স্বাস্থ্য অধিদপ্তর জানিয়েছে, দেশের সব কেন্দ্রে নির্ধারিত সময়ে ক্যাম্পেইন পরিচালিত হবে। অভিভাবকদের শিশুদের কেন্দ্রে নিয়ে আসার আহ্বান জানানো হয়েছে। শিশুদের ভিটামিন 'এ' ক্যাপসুল খাওয়ানো হয়েছে। স্বাস্থ্য অধিদপ্তর জানিয়েছে, দেশের সব কেন্দ্রে নির্ধারিত সময়ে ক্যাম্পেইন পরিচালিত হবে। অভিভাবকদের শিশুদের কেন্দ্রে নিয়ে আসার আহ্বান জানানো হয়েছে। শিশুদের ভিটামিন 'এ' ক্যাপসুল খাওয়ানো হয়েছে। স্বাস্থ্য অধিদ
সরকার সংস্কার কমিশন করলেও
তোমেরা মানিক মিয়া হলে আয়োজিত বাংলাদেশের নদ-নদীর বর্তমান ও ভবিষ্যৎ শীর্ষক আলোচনা সভায় তিনি এসব কথা বলেন। নদী রক্ষায় সুনির্দিষ্ট পরিকল্পনা গ্রহণের আহ্বান জানান বক্তারা।
তোমেরা মানিক মিয়া হলে আয়োজিত বাংলাদেশের নদ-নদীর বর্তমান ও ভবিষ্যৎ শীর্ষক আলোচনা সভায় তিনি এসব কথা বলেন। নদী রক্ষায় সুনির্দিষ্ট পরিকল্পনা গ্রহণের আহ্বান জানান বক্তারা। তোমেরা মানিক মিয়া হলে আয়োজিত বাংলাদেশের নদ-নদীর বর্তমান ও ভবিষ্যৎ শীর্ষক আলোচনা সভায় তিনি এসব কথা বলেন। নদী রক্ষায় সুনির্দিষ্ট পরিকল্পনা গ্রহণের আহ্বান জানান বক্তারা। তোমেরা মানিক মিয়া হলে আয়োজিত বাংলাদেশের নদ-নদীর বর্তমান ও ভবিষ্যৎ শীর্ষক আলোচনা সভায় তিনি এসব কথা বলেন। নদী রক্ষায় সুনির্দিষ্ট পরিকল্পনা গ্রহণের আহ্বান জানান বক্তারা। তোমেরা মানিক মিয়া হলে আয়োজিত বাংলাদেশের নদ-নদীর বর্তমান ও ভবিষ্যৎ শীর্ষক আলোচনা সভায় তিনি এসব কথা বলেন। নদী রক্ষায় সুনির্দিষ্ট পরিকল্পনা গ্রহণের আহ্বান জানান বক্তারা। তোমেরা মানিক মিয়া হলে আয়োজিত বাংলাদেশের নদ-নদীর বর্তমান ও ভবিষ্যৎ শীর্ষক আলোচনা সভায় তিনি এসব কথা বলেন। নদী রক্ষায় সুনির্দিষ্ট পরিকল্পনা গ্রহণের আহ্বান জানান বক্তারা। তোমেরা মানিক মিয়া হলে আয
বেসরকারি কলেজের গভর্নিং বডি
বাধ্যতামূলক করা হয়েছে। গত ১৩ নভেম্বর স্নাতক অধিভুক্ত কলেজগুলোর গভর্নিং বডি ও ম্যানেজিং কমিটির সভাপতি পদে নিয়োগের শর্ত পরিবর্তন করা হয়। নতুন নির্দেশনা অনুযায়ী কমিটি গঠন করতে হবে।
বাধ্যতামূলক করা হয়েছে। গত ১৩ নভেম্বর স্নাতক অধিভুক্ত কলেজগুলোর গভর্নিং বডি ও ম্যানেজিং কমিটির সভাপতি পদে নিয়োগের শর্ত পরিবর্তন করা হয়। নতুন নির্দেশনা অনুযায়ী কমিটি গঠন করতে হবে। বাধ্যতামূলক করা হয়েছে। গত ১৩ নভেম্বর স্নাতক অধিভুক্ত কলেজগুলোর গভর্নিং বডি ও ম্যানেজিং কমিটির সভাপতি পদে নিয়োগের শর্ত পরিবর্তন করা হয়। নতুন নির্দেশনা অনুযায়ী কমিটি গঠন করতে হবে। বাধ্যতামূলক করা হয়েছে। গত ১৩ নভেম্বর স্নাতক অধিভুক্ত কলেজগুলোর গভর্নিং বডি ও ম্যানেজিং কমিটির সভাপতি পদে নিয়োগের শর্ত পরিবর্তন করা হয়। নতুন নির্দেশনা অনুযায়ী কমিটি গঠন করতে হবে। বাধ্যতামূলক করা হয়েছে। গত ১৩ নভেম্বর স্নাতক অধিভুক্ত কলেজগুলোর গভর্নিং বডি ও ম্যানেজিং কমিটির সভাপতি পদে নিয়োগের শর্ত পরিবর্তন করা হয়। নতুন নির্দেশনা অনুযায়ী কমিটি গঠন করতে হবে। বাধ্যতামূলক করা হয়েছে। গত ১৩ নভেম্বর স্নাতক অধিভুক্ত কলেজগুলোর গভর্নিং বডি ও ম্যানেজিং কমিটির সভাপতি পদে নিয়োগের শর্ত পরিবর্তন করা হয়। নতুন নির্দেশনা অনুযায়ী কমিটি গঠন করতে হবে। বাধ্যতামূলক করা হয়েছে। গত ১৩ নভেম্বর স্নাতক অধিভুক্ত কলেজগুলোর গভর্নিং বডি ও ম্যানেজিং কমিটির সভাপতি পদে নিয়োগের শর্ত পরিবর্তন ক
৫০ কোটি টাকা ক্ষতিপূরণ
রিট্যাস্টিস আবেদনে দাবি করা হয়, ক্ষতিগ্রস্তদের যথাযথ ক্ষতিপূরণ প্রদান করতে হবে। আদালত সংশ্লিষ্ট কর্তৃপক্ষকে এ বিষয়ে ব্যাখ্যা দিতে নির্দেশ দিয়েছেন।
রিট্যাস্টিস আবেদনে দাবি করা হয়, ক্ষতিগ্রস্তদের যথাযথ ক্ষতিপূরণ প্রদান করতে হবে। আদালত সংশ্লিষ্ট কর্তৃপক্ষকে এ বিষয়ে ব্যাখ্যা দিতে নির্দেশ দিয়েছেন। রিট্যাস্টিস আবেদনে দাবি করা হয়, ক্ষতিগ্রস্তদের যথাযথ ক্ষতিপূরণ প্রদান করতে হবে। আদালত সংশ্লিষ্ট কর্তৃপক্ষকে এ বিষয়ে ব্যাখ্যা দিতে নির্দেশ দিয়েছেন। রিট্যাস্টিস আবেদনে দাবি করা হয়, ক্ষতিগ্রস্তদের যথাযথ ক্ষতিপূরণ প্রদান করতে হবে। আদালত সংশ্লিষ্ট কর্তৃপক্ষকে এ বিষয়ে ব্যাখ্যা দিতে নির্দেশ দিয়েছেন। রিট্যাস্টিস আবেদনে দাবি করা হয়, ক্ষতিগ্রস্তদের যথাযথ ক্ষতিপূরণ প্রদান করতে হবে। আদালত সংশ্লিষ্ট কর্তৃপক্ষকে এ বিষয়ে ব্যাখ্যা দিতে নির্দেশ দিয়েছেন। রিট্যাস্টিস আবেদনে দাবি করা হয়, ক্ষতিগ্রস্তদের যথাযথ ক্ষতিপূরণ প্রদান করতে হবে। আদালত সংশ্লিষ্ট কর্তৃপক্ষকে এ বিষয়ে ব্যাখ্যা দিতে নির্দেশ দিয়েছেন। রিট্যাস্টিস আবেদনে দাবি করা হয়, ক্ষতিগ্রস্তদের যথাযথ ক্ষতিপূরণ প্রদান করতে হবে। আদালত সংশ্লিষ্ট কর্তৃপক্ষকে এ বিষয়ে ব্যাখ্যা দিতে নির্দেশ দিয়েছেন। রিট্যাস্টিস আবেদনে দাবি করা হয়, ক্ষতিগ্রস্তদের যথাযথ ক্ষতিপূরণ প্রদান করতে হবে। আদালত সংশ্লিষ্ট কর্তৃপক্ষকে এ বিষয়ে ব্যাখ্যা দিতে নির্দেশ
জরুরি ভিত্তিতে দুই হাজার
প্রক্রিয়া চলমান। তারপর স্বাস্থ্য উপদেষ্টার কথা বিবেচনা করে জরুরি ভিত্তিতে দুই হাজার চিকিৎসক নিয়োগের সিদ্ধান্ত নেওয়া হয়েছে। বিশেষ বিসিএসের মাধ্যমে এ নিয়োগ দেওয়া হবে।
প্রক্রিয়া চলমান। তারপর স্বাস্থ্য উপদেষ্টার কথা বিবেচনা করে জরুরি ভিত্তিতে দুই হাজার চিকিৎসক নিয়োগের সিদ্ধান্ত নেওয়া হয়েছে। বিশেষ বিসিএসের মাধ্যমে এ নিয়োগ দেওয়া হবে। প্রক্রিয়া চলমান। তারপর স্বাস্থ্য উপদেষ্টার কথা বিবেচনা করে জরুরি ভিত্তিতে দুই হাজার চিকিৎসক নিয়োগের সিদ্ধান্ত নেওয়া হয়েছে। বিশেষ বিসিএসের মাধ্যমে এ নিয়োগ দেওয়া হবে। প্রক্রিয়া চলমান। তারপর স্বাস্থ্য উপদেষ্টার কথা বিবেচনা করে জরুরি ভিত্তিতে দুই হাজার চিকিৎসক নিয়োগের সিদ্ধান্ত নেওয়া হয়েছে। বিশেষ বিসিএসের মাধ্যমে এ নিয়োগ দেওয়া হবে। প্রক্রিয়া চলমান। তারপর স্বাস্থ্য উপদেষ্টার কথা বিবেচনা করে জরুরি ভিত্তিতে দুই হাজার চিকিৎসক নিয়োগের সিদ্ধান্ত নেওয়া হয়েছে। বিশেষ বিসিএসের মাধ্যমে এ নিয়োগ দেওয়া হবে। প্রক্রিয়া চলমান। তারপর স্বাস্থ্য উপদেষ্টার কথা বিবেচনা করে জরুরি ভিত্তিতে দুই হাজার চিকিৎসক নিয়োগের সিদ্ধান্ত নেওয়া হয়েছে। বিশেষ বিসিএসের মাধ্যমে এ নিয়োগ দেওয়া হবে। প্রক্রিয়া চলমান। তারপর স
সাবেক ডিসি শহিদুল্লাহসহ
গতকাল দুর্নীতি দমন কমিশনের সমন্বিত জেলা কার্যালয়ে মামলাটি দায়ের করা হয়। অভিযুক্তদের বিরুদ্ধে ক্ষমতার অপব্যবহার ও অর্থ আত্মসাতের অভিযোগ আনা হয়েছে।
গতকাল দুর্নীতি দমন কমিশনের সমন্বিত জেলা কার্যালয়ে মামলাটি দায়ের করা হয়। অভিযুক্তদের বিরুদ্ধে ক্ষমতার অপব্যবহার ও অর্থ আত্মসাতের অভিযোগ আনা হয়েছে। গতকাল দুর্নীতি দমন কমিশনের সমন্বিত জেলা কার্যালয়ে মামলাটি দায়ের করা হয়। অভিযুক্তদের বিরুদ্ধে ক্ষমতার অপব্যবহার ও অর্থ আত্মসাতের অভিযোগ আনা হয়েছে। গতকাল দুর্নীতি দমন কমিশনের সমন্বিত জেলা কার্যালয়ে মামলাটি দায়ের করা হয়। অভিযুক্তদের বিরুদ্ধে ক্ষমতার অপব্যবহার ও অর্থ আত্মসাতের অভিযোগ আনা হয়েছে। গতকাল দুর্নীতি দমন কমিশনের সমন্বিত জেলা কার্যালয়ে মামলাটি দায়ের করা হয়। অভিযুক্তদের বিরুদ্ধে ক্ষমতার অপব্যবহার ও অর্থ আত্মসাতের অভিযোগ আনা হয়েছে। গতকাল দুর্নীতি দমন কমিশনের সমন্বিত জেলা কার্যালয়ে মামলাটি দায়ের করা হয়। অভিযুক্তদের বিরুদ্ধে ক্ষমতার অপব্যবহার ও অর্থ আত্মসাতের অভিযোগ আনা হয়েছে। গতকাল দুর্নীতি দমন কমিশনের সমন্বিত জেলা কার্যালয়ে মামলাটি দায়ের করা হয়। অভিযুক্তদের বিরুদ্ধে ক্ষমতার অপব্যবহার ও অর্থ আত্মসাতের
তিন মাসে কোটিপতি
হিসাব মামলা কোটিপতি ব্যক্তির হিসাবের সংখ্যা বেড়েছে। বাংলাদেশ ব্যাংকের তথ্যে দেখা গেছে, গত তিন মাসে উল্লেখযোগ্য সংখ্যক নতুন কোটিপতি হিসাব যুক্ত হয়েছে।
হিসাব মামলা কোটিপতি ব্যক্তির হিসাবের সংখ্যা বেড়েছে। বাংলাদেশ ব্যাংকের তথ্যে দেখা গেছে, গত তিন মাসে উল্লেখযোগ্য সংখ্যক নতুন কোটিপতি হিসাব যুক্ত হয়েছে। হিসাব মামলা কোটিপতি ব্যক্তির হিসাবের সংখ্যা বেড়েছে। বাংলাদেশ ব্যাংকের তথ্যে দেখা গেছে, গত তিন মাসে উল্লেখযোগ্য সংখ্যক নতুন কোটিপতি হিসাব যুক্ত হয়েছে। হিসাব মামলা কোটিপতি ব্যক্তির হিসাবের সংখ্যা বেড়েছে। বাংলাদেশ ব্যাংকের তথ্যে দেখা গেছে, গত তিন ম
ভ্যাট দেয় না বেশিরভাগ
ইউনিট করতে পারবে। জাতীয় রাজস্ব বোর্ডের তথ্য অনুযায়ী নিবন্ধিত প্রতিষ্ঠানের বড় অংশ নিয়মিত ভ্যাট রিটার্ন জমা দেয় না। রাজস্ব আদায় বাড়াতে নজরদারি জোরদার করা হচ্ছে।
ইউনিট করতে পারবে। জাতীয় রাজস্ব বোর্ডের তথ্য অনুযায়ী নিবন্ধিত প্রতিষ্ঠানের বড় অংশ নিয়মিত ভ্যাট রিটার্ন জমা দেয় না। রাজস্ব আদায় বাড়াতে নজরদারি জোরদার করা হচ্ছে। ইউনিট করতে পারবে। জাতীয় রাজস্ব বোর্ডের তথ্য অনুযায়ী নিবন্ধিত প্রতিষ্ঠানের বড় অংশ নিয়মিত ভ্যাট রিটার্ন জমা দেয় না। রাজস্ব আদায় বাড়াতে নজরদারি জোরদার করা হচ্ছে। ইউনিট করতে পারবে। জাতীয় রাজস্ব বোর্ডের তথ্য অনুযায়ী নিবন্ধিত প্রতিষ্ঠানের বড় অংশ নিয়মিত ভ্যাট রিটার্ন জমা দেয় না। রাজস্ব আদায় বাড়াতে নজরদারি জোরদার করা হচ্ছে। ইউনিট করতে পারবে। জাতীয় রাজস্ব বোর্ডের তথ্য অনুযায়ী নিবন্ধিত প্রতিষ্ঠানের বড় অংশ নিয়মিত ভ্যাট রিটার্ন জমা দেয় না। রাজস্ব আদায় বাড়াতে নজরদারি জোরদার করা হচ্ছে। ইউনিট করতে পারবে। জাতীয় রাজস্ব বোর্ডের তথ্য অনুযায়ী নিবন্ধিত প্রতিষ্ঠানের বড় অংশ নিয়মিত ভ্যাট রিটার্ন জমা দেয় না। রাজস্ব আদায় বাড়াতে নজরদারি জোরদার করা হচ্ছে। ইউনিট করতে পারবে। জাতীয় রাজস্ব বোর্ডের তথ্য অনুযা
